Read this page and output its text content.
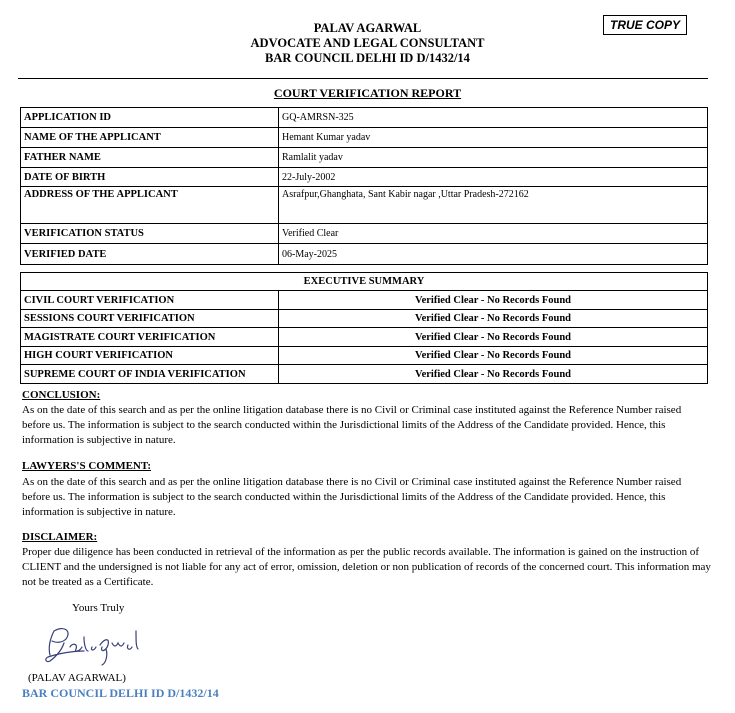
PALAV AGARWAL
ADVOCATE AND LEGAL CONSULTANT
BAR COUNCIL DELHI ID D/1432/14
TRUE COPY
COURT VERIFICATION REPORT
APPLICATION ID	GQ-AMRSN-325
NAME OF THE APPLICANT	Hemant Kumar yadav
FATHER NAME	Ramlalit yadav
DATE OF BIRTH	22-July-2002
ADDRESS OF THE APPLICANT	Asrafpur,Ghanghata, Sant Kabir nagar ,Uttar Pradesh-272162
VERIFICATION STATUS	Verified Clear
VERIFIED DATE	06-May-2025
EXECUTIVE SUMMARY	
CIVIL COURT VERIFICATION	Verified Clear - No Records Found
SESSIONS COURT VERIFICATION	Verified Clear - No Records Found
MAGISTRATE COURT VERIFICATION	Verified Clear - No Records Found
HIGH COURT VERIFICATION	Verified Clear - No Records Found
SUPREME COURT OF INDIA VERIFICATION	Verified Clear - No Records Found
CONCLUSION:
As on the date of this search and as per the online litigation database there is no Civil or Criminal case instituted against the Reference Number raised before us. The information is subject to the search conducted within the Jurisdictional limits of the Address of the Candidate provided. Hence, this information is subjective in nature.
LAWYERS'S COMMENT:
As on the date of this search and as per the online litigation database there is no Civil or Criminal case instituted against the Reference Number raised before us. The information is subject to the search conducted within the Jurisdictional limits of the Address of the Candidate provided. Hence, this information is subjective in nature.
DISCLAIMER:
Proper due diligence has been conducted in retrieval of the information as per the public records available. The information is gained on the instruction of CLIENT and the undersigned is not liable for any act of error, omission, deletion or non publication of records of the concerned court. This information may not be treated as a Certificate.
Yours Truly
(PALAV AGARWAL)
BAR COUNCIL DELHI ID D/1432/14
